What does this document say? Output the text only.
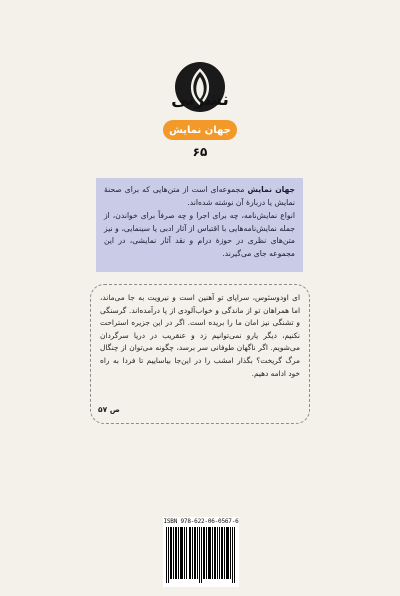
نشرنی
جهان نمایش
۶۵

جهان نمایش مجموعه‌ای است از متن‌هایی که برای صحنهٔ نمایش یا دربارهٔ آن نوشته شده‌اند.

انواع نمایش‌نامه، چه برای اجرا و چه صرفاً برای خواندن، از جمله نمایش‌نامه‌هایی با اقتباس از آثار ادبی یا سینمایی، و نیز متن‌های نظری در حوزهٔ درام و نقد آثار نمایشی، در این مجموعه جای می‌گیرند.

ای اودوسئوس، سراپای تو آهنین است و نیرویت به جا می‌ماند، اما همراهان تو از ماندگی و خواب‌آلودی از پا درآمده‌اند. گرسنگی و تشنگی نیز امان ما را بریده است. اگر در این جزیره استراحت نکنیم، دیگر یارو نمی‌توانیم زد و عنقریب در دریا سرگردان می‌شویم. اگر ناگهان طوفانی سر برسد، چگونه می‌توان از چنگال مرگ گریخت؟ بگذار امشب را در این‌جا بیاساییم تا فردا به راه خود ادامه دهیم.
ص ۵۷
ISBN 978-622-06-0567-6
